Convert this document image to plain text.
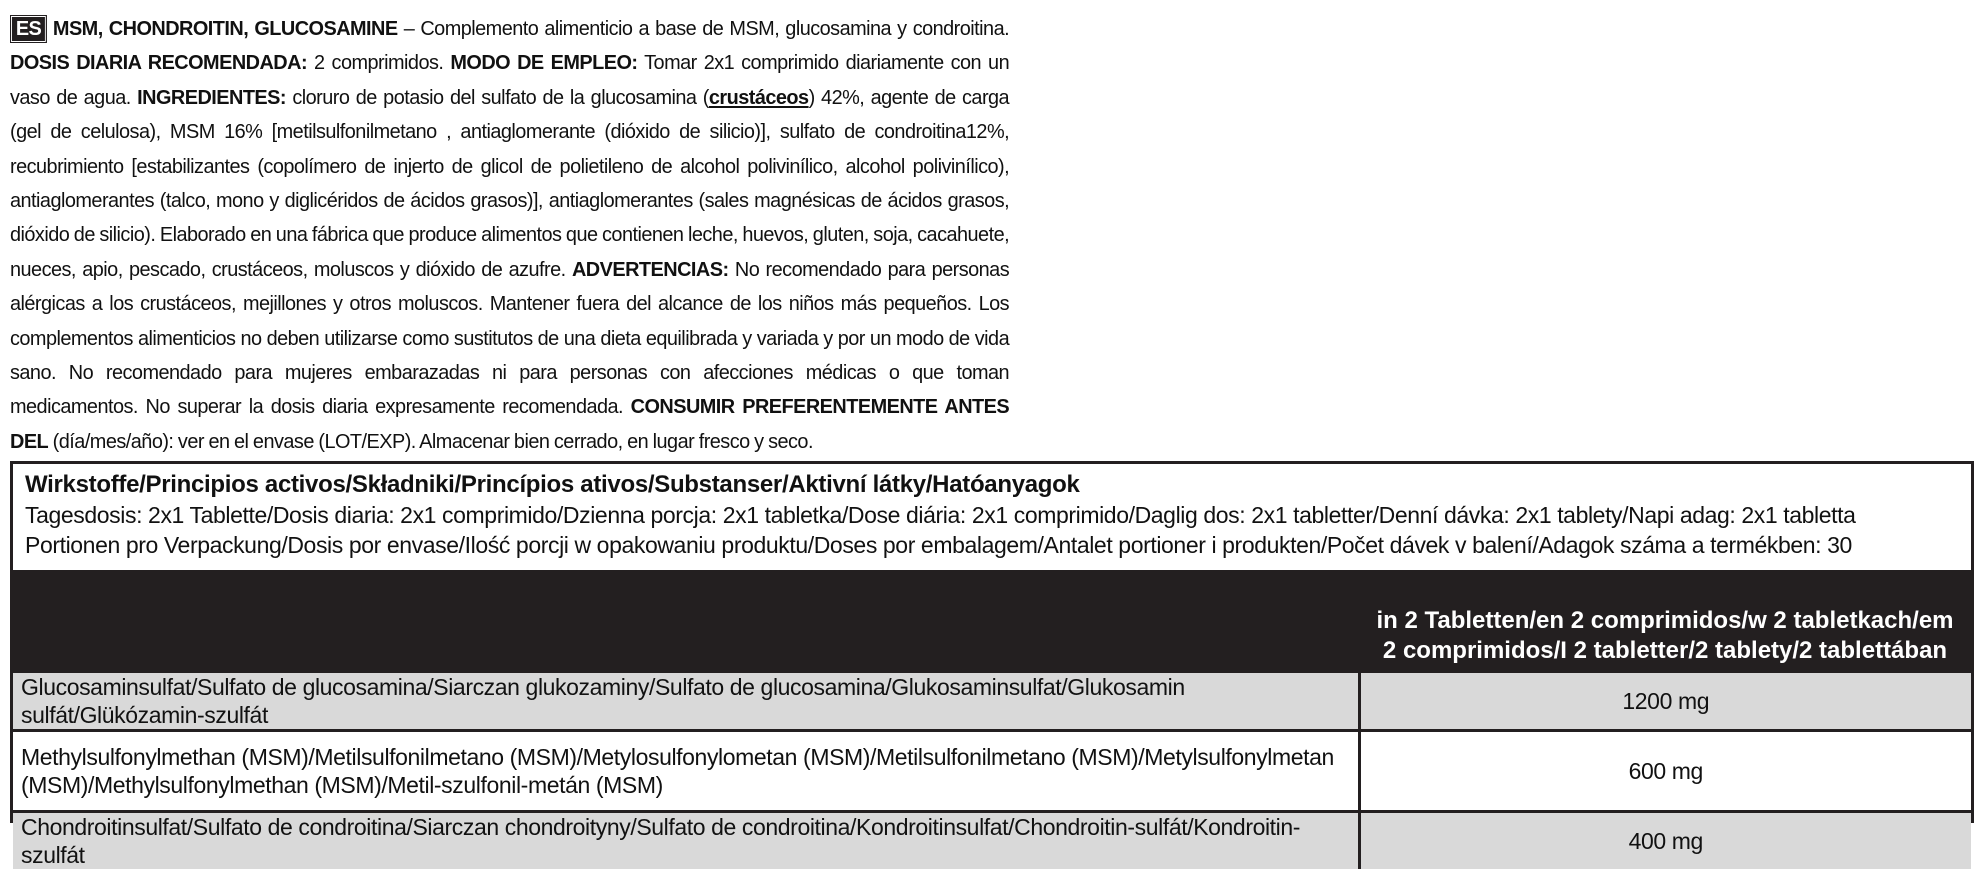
ES MSM, CHONDROITIN, GLUCOSAMINE – Complemento alimenticio a base de MSM, glucosamina y condroitina. DOSIS DIARIA RECOMENDADA: 2 comprimidos. MODO DE EMPLEO: Tomar 2x1 comprimido diariamente con un vaso de agua. INGREDIENTES: cloruro de potasio del sulfato de la glucosamina (crustáceos) 42%, agente de carga (gel de celulosa), MSM 16% [metilsulfonilmetano , antiaglomerante (dióxido de silicio)], sulfato de condroitina12%, recubrimiento [estabilizantes (copolímero de injerto de glicol de polietileno de alcohol polivinílico, alcohol polivinílico), antiaglomerantes (talco, mono y diglicéridos de ácidos grasos)], antiaglomerantes (sales magnésicas de ácidos grasos, dióxido de silicio). Elaborado en una fábrica que produce alimentos que contienen leche, huevos, gluten, soja, cacahuete, nueces, apio, pescado, crustáceos, moluscos y dióxido de azufre. ADVERTENCIAS: No recomendado para personas alérgicas a los crustáceos, mejillones y otros moluscos. Mantener fuera del alcance de los niños más pequeños. Los complementos alimenticios no deben utilizarse como sustitutos de una dieta equilibrada y variada y por un modo de vida sano. No recomendado para mujeres embarazadas ni para personas con afecciones médicas o que toman medicamentos. No superar la dosis diaria expresamente recomendada. CONSUMIR PREFERENTEMENTE ANTES DEL (día/mes/año): ver en el envase (LOT/EXP). Almacenar bien cerrado, en lugar fresco y seco.
Wirkstoffe/Principios activos/Składniki/Princípios ativos/Substanser/Aktivní látky/Hatóanyagok
Tagesdosis: 2x1 Tablette/Dosis diaria: 2x1 comprimido/Dzienna porcja: 2x1 tabletka/Dose diária: 2x1 comprimido/Daglig dos: 2x1 tabletter/Denní dávka: 2x1 tablety/Napi adag: 2x1 tabletta
Portionen pro Verpackung/Dosis por envase/Ilość porcji w opakowaniu produktu/Doses por embalagem/Antalet portioner i produkten/Počet dávek v balení/Adagok száma a termékben: 30

	in 2 Tabletten/en 2 comprimidos/w 2 tabletkach/em 2 comprimidos/I 2 tabletter/2 tablety/2 tablettában

Glucosaminsulfat/Sulfato de glucosamina/Siarczan glukozaminy/Sulfato de glucosamina/Glukosaminsulfat/Glukosamin sulfát/Glükózamin-szulfát	1200 mg
Methylsulfonylmethan (MSM)/Metilsulfonilmetano (MSM)/Metylosulfonylometan (MSM)/Metilsulfonilmetano (MSM)/Metylsulfonylmetan (MSM)/Methylsulfonylmethan (MSM)/Metil-szulfonil-metán (MSM)	600 mg
Chondroitinsulfat/Sulfato de condroitina/Siarczan chondroityny/Sulfato de condroitina/Kondroitinsulfat/Chondroitin-sulfát/Kondroitin-szulfát	400 mg
